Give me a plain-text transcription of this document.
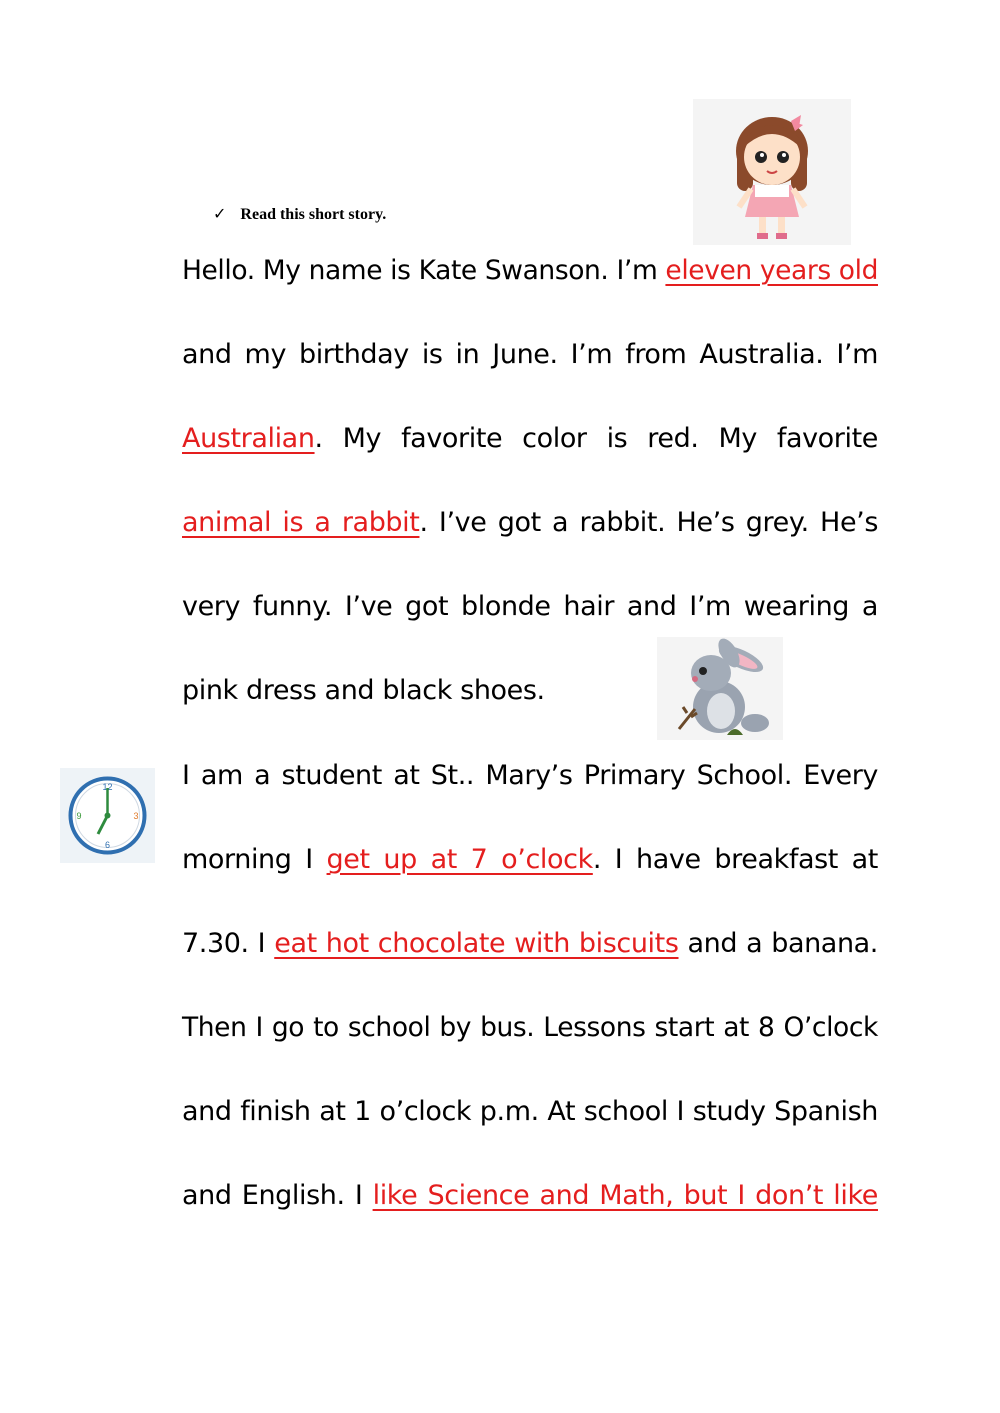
✓ Read this short story.
12
3
6
9
Hello. My name is Kate Swanson. I’m eleven years old
and my birthday is in June. I’m from Australia. I’m
Australian. My favorite color is red. My favorite
animal is a rabbit. I’ve got a rabbit. He’s grey. He’s
very funny. I’ve got blonde hair and I’m wearing a
pink dress and black shoes.
I am a student at St.. Mary’s Primary School. Every
morning I get up at 7 o’clock. I have breakfast at
7.30. I eat hot chocolate with biscuits and a banana.
Then I go to school by bus. Lessons start at 8 O’clock
and finish at 1 o’clock p.m. At school I study Spanish
and English. I like Science and Math, but I don’t like
